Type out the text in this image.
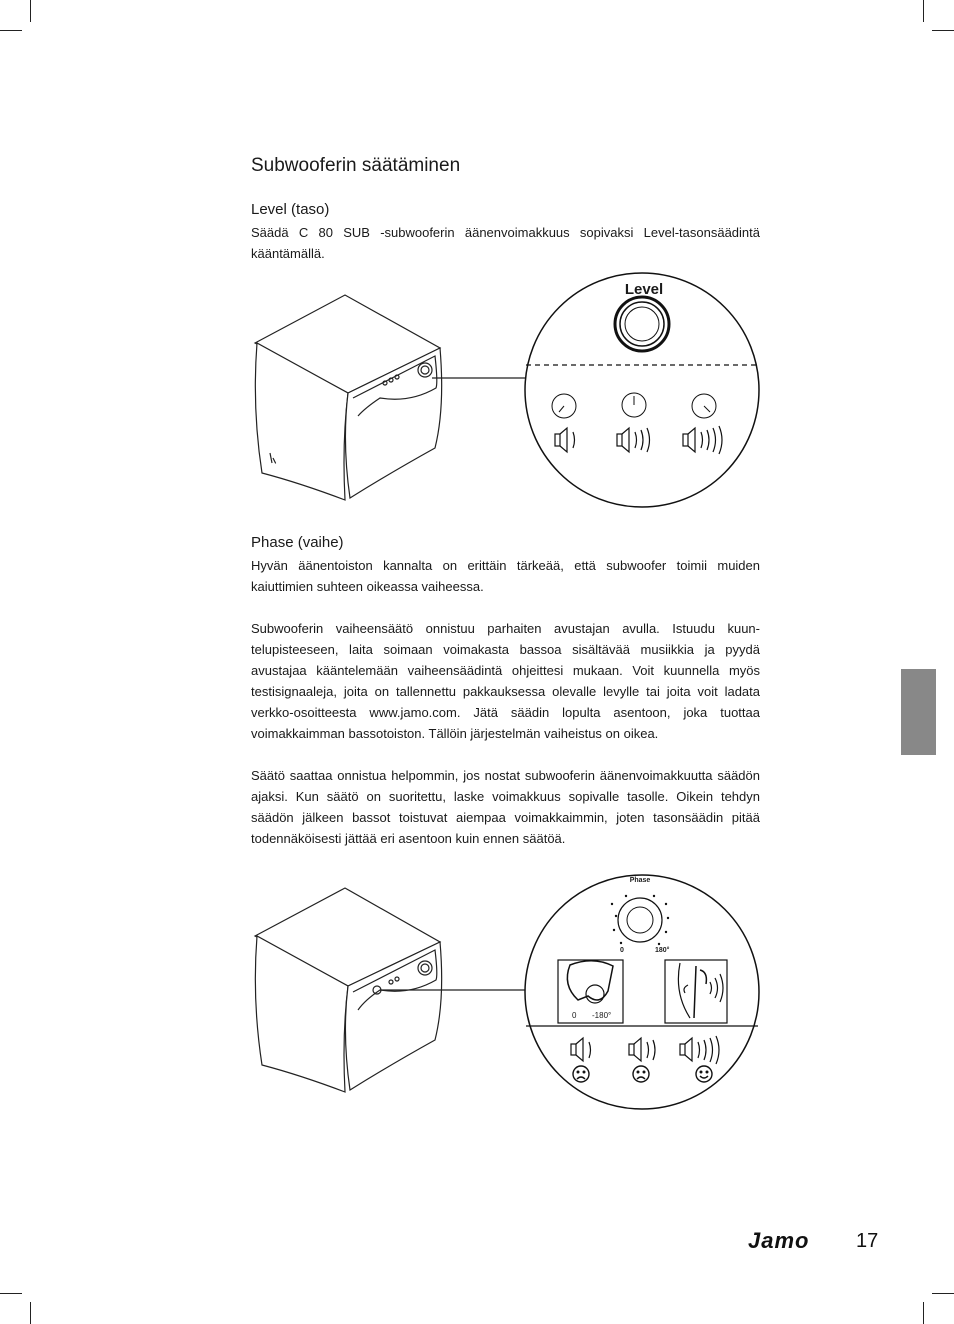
Subwooferin säätäminen
Level (taso)

Säädä C 80 SUB -subwooferin äänenvoimakkuus sopivaksi Level-tasonsäädintä kääntämällä.

Level
Phase (vaihe)

Hyvän äänentoiston kannalta on erittäin tärkeää, että subwoofer toimii muiden kaiuttimien suhteen oikeassa vaiheessa.

Subwooferin vaiheensäätö onnistuu parhaiten avustajan avulla. Istuudu kuuntelupisteeseen, laita soimaan voimakasta bassoa sisältävää musiikkia ja pyydä avustajaa kääntelemään vaiheensäädintä ohjeittesi mukaan. Voit kuunnella myös testisignaaleja, joita on tallennettu pakkauksessa olevalle levylle tai joita voit ladata verkko-osoitteesta www.jamo.com. Jätä säädin lopulta asentoon, joka tuottaa voimakkaimman bassotoiston. Tällöin järjestelmän vaiheistus on oikea.

Säätö saattaa onnistua helpommin, jos nostat subwooferin äänenvoimakkuutta säädön ajaksi. Kun säätö on suoritettu, laske voimakkuus sopivalle tasolle. Oikein tehdyn säädön jälkeen bassot toistuvat aiempaa voimakkaimmin, joten tasonsäädin pitää todennäköisesti jättää eri asentoon kuin ennen säätöä.

Phase
0	180°
0 -180°
Jamo 17
